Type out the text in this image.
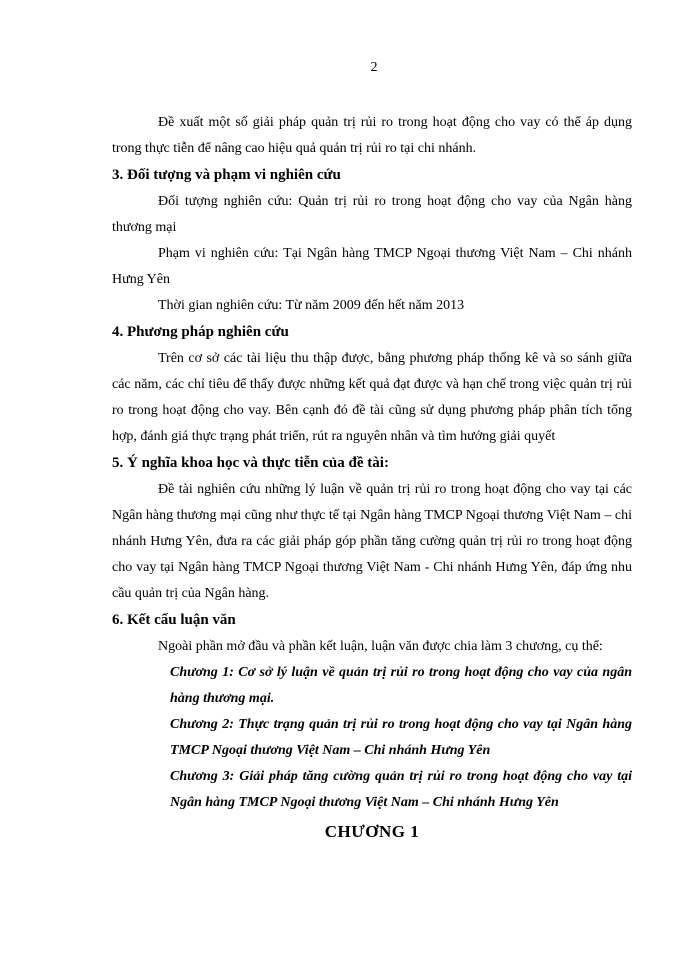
2

Đề xuất một số giải pháp quản trị rủi ro trong hoạt động cho vay có thể áp dụng trong thực tiễn để nâng cao hiệu quả quản trị rủi ro tại chi nhánh.

3. Đối tượng và phạm vi nghiên cứu

Đối tượng nghiên cứu: Quản trị rủi ro trong hoạt động cho vay của Ngân hàng thương mại

Phạm vi nghiên cứu: Tại Ngân hàng TMCP Ngoại thương Việt Nam – Chi nhánh Hưng Yên

Thời gian nghiên cứu: Từ năm 2009 đến hết năm 2013

4. Phương pháp nghiên cứu

Trên cơ sở các tài liệu thu thập được, bằng phương pháp thống kê và so sánh giữa các năm, các chỉ tiêu để thấy được những kết quả đạt được và hạn chế trong việc quản trị rủi ro trong hoạt động cho vay. Bên cạnh đó đề tài cũng sử dụng phương pháp phân tích tổng hợp, đánh giá thực trạng phát triển, rút ra nguyên nhân và tìm hướng giải quyết

5. Ý nghĩa khoa học và thực tiễn của đề tài:

Đề tài nghiên cứu những lý luận về quản trị rủi ro trong hoạt động cho vay tại các Ngân hàng thương mại cũng như thực tế tại Ngân hàng TMCP Ngoại thương Việt Nam – chi nhánh Hưng Yên, đưa ra các giải pháp góp phần tăng cường quản trị rủi ro trong hoạt động cho vay tại Ngân hàng TMCP Ngoại thương Việt Nam - Chi nhánh Hưng Yên, đáp ứng nhu cầu quản trị của Ngân hàng.

6. Kết cấu luận văn

Ngoài phần mở đầu và phần kết luận, luận văn được chia làm 3 chương, cụ thể:

Chương 1: Cơ sở lý luận về quản trị rủi ro trong hoạt động cho vay của ngân hàng thương mại.

Chương 2: Thực trạng quản trị rủi ro trong hoạt động cho vay tại Ngân hàng TMCP Ngoại thương Việt Nam – Chi nhánh Hưng Yên

Chương 3: Giải pháp tăng cường quản trị rủi ro trong hoạt động cho vay tại Ngân hàng TMCP Ngoại thương Việt Nam – Chi nhánh Hưng Yên

CHƯƠNG 1
